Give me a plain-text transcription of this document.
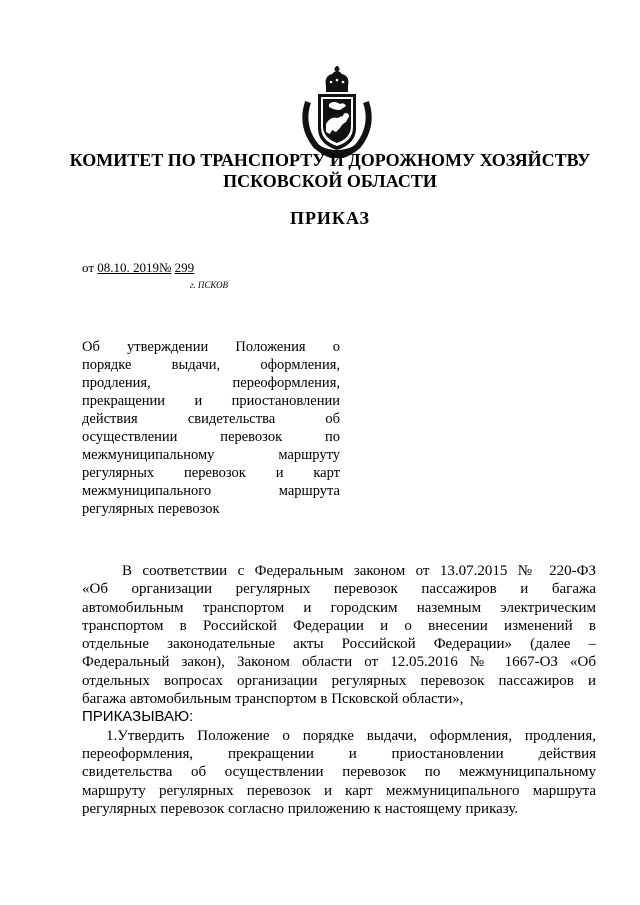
КОМИТЕТ ПО ТРАНСПОРТУ И ДОРОЖНОМУ ХОЗЯЙСТВУ
ПСКОВСКОЙ ОБЛАСТИ
ПРИКАЗ
от 08.10. 2019№ 299
г. ПСКОВ
Об утверждении Положения о
порядке выдачи, оформления,
продления, переоформления,
прекращении и приостановлении
действия свидетельства об
осуществлении перевозок по
межмуниципальному маршруту
регулярных перевозок и карт
межмуниципального маршрута
регулярных перевозок
В соответствии с Федеральным законом от 13.07.2015 № 220-ФЗ
«Об организации регулярных перевозок пассажиров и багажа
автомобильным транспортом и городским наземным электрическим
транспортом в Российской Федерации и о внесении изменений в
отдельные законодательные акты Российской Федерации» (далее –
Федеральный закон), Законом области от 12.05.2016 № 1667-ОЗ «Об
отдельных вопросах организации регулярных перевозок пассажиров и
багажа автомобильным транспортом в Псковской области»,
ПРИКАЗЫВАЮ:
1.Утвердить Положение о порядке выдачи, оформления, продления,
переоформления, прекращении и приостановлении действия
свидетельства об осуществлении перевозок по межмуниципальному
маршруту регулярных перевозок и карт межмуниципального маршрута
регулярных перевозок согласно приложению к настоящему приказу.
